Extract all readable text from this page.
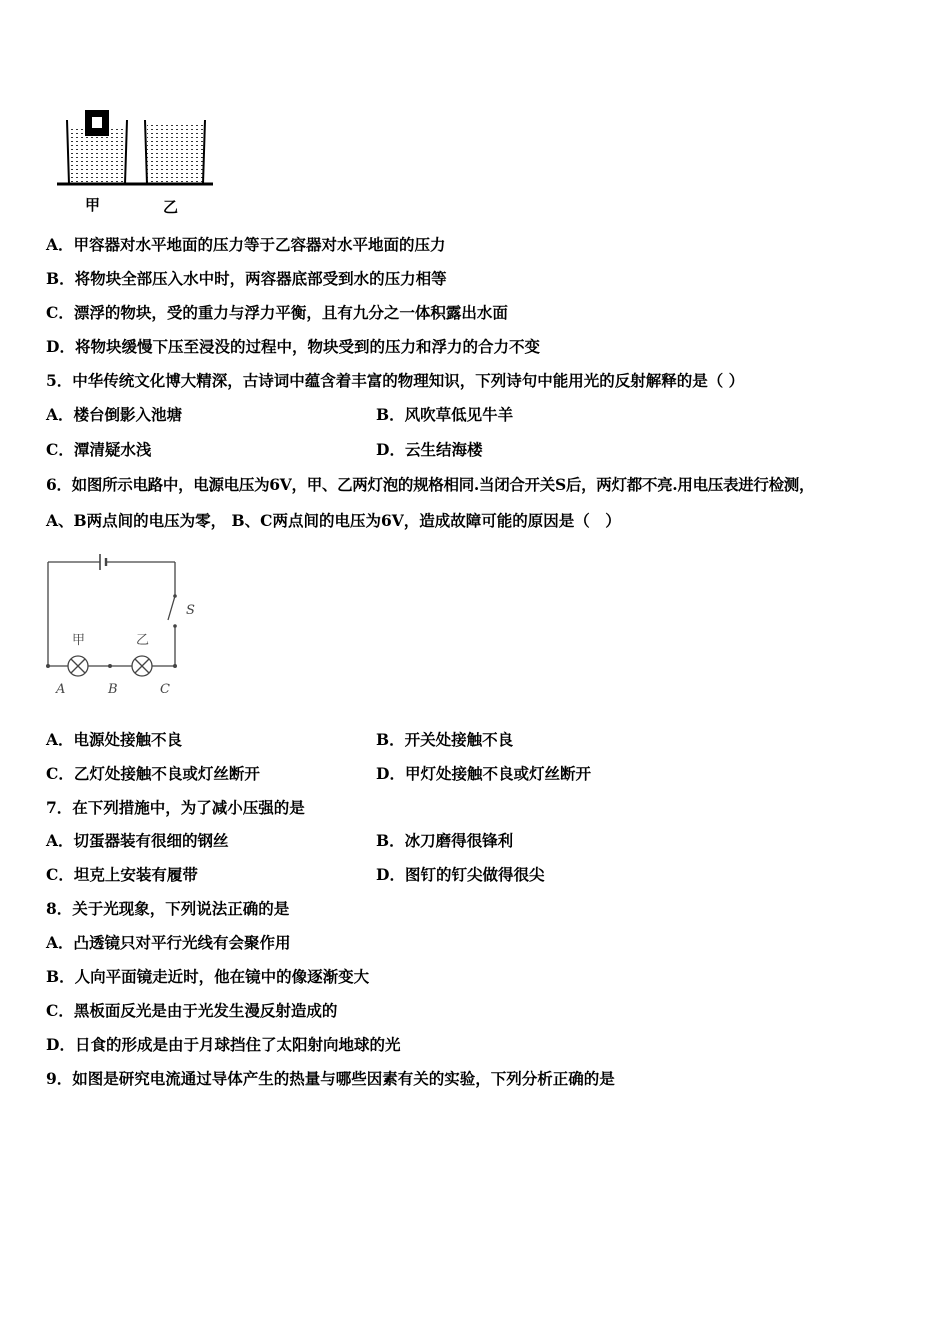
甲	乙
A．甲容器对水平地面的压力等于乙容器对水平地面的压力
B．将物块全部压入水中时，两容器底部受到水的压力相等
C．漂浮的物块，受的重力与浮力平衡，且有九分之一体积露出水面
D．将物块缓慢下压至浸没的过程中，物块受到的压力和浮力的合力不变
5．中华传统文化博大精深，古诗词中蕴含着丰富的物理知识，下列诗句中能用光的反射解释的是（ ）
A．楼台倒影入池塘	B．风吹草低见牛羊
C．潭清疑水浅	D．云生结海楼
6．如图所示电路中，电源电压为6V，甲、乙两灯泡的规格相同.当闭合开关S后，两灯都不亮.用电压表进行检测，
A、B两点间的电压为零， B、C两点间的电压为6V，造成故障可能的原因是（　）
甲	乙
S
A	B	C
A．电源处接触不良	B．开关处接触不良
C．乙灯处接触不良或灯丝断开	D．甲灯处接触不良或灯丝断开
7．在下列措施中，为了减小压强的是
A．切蛋器装有很细的钢丝	B．冰刀磨得很锋利
C．坦克上安装有履带	D．图钉的钉尖做得很尖
8．关于光现象，下列说法正确的是
A．凸透镜只对平行光线有会聚作用
B．人向平面镜走近时，他在镜中的像逐渐变大
C．黑板面反光是由于光发生漫反射造成的
D．日食的形成是由于月球挡住了太阳射向地球的光
9．如图是研究电流通过导体产生的热量与哪些因素有关的实验，下列分析正确的是
